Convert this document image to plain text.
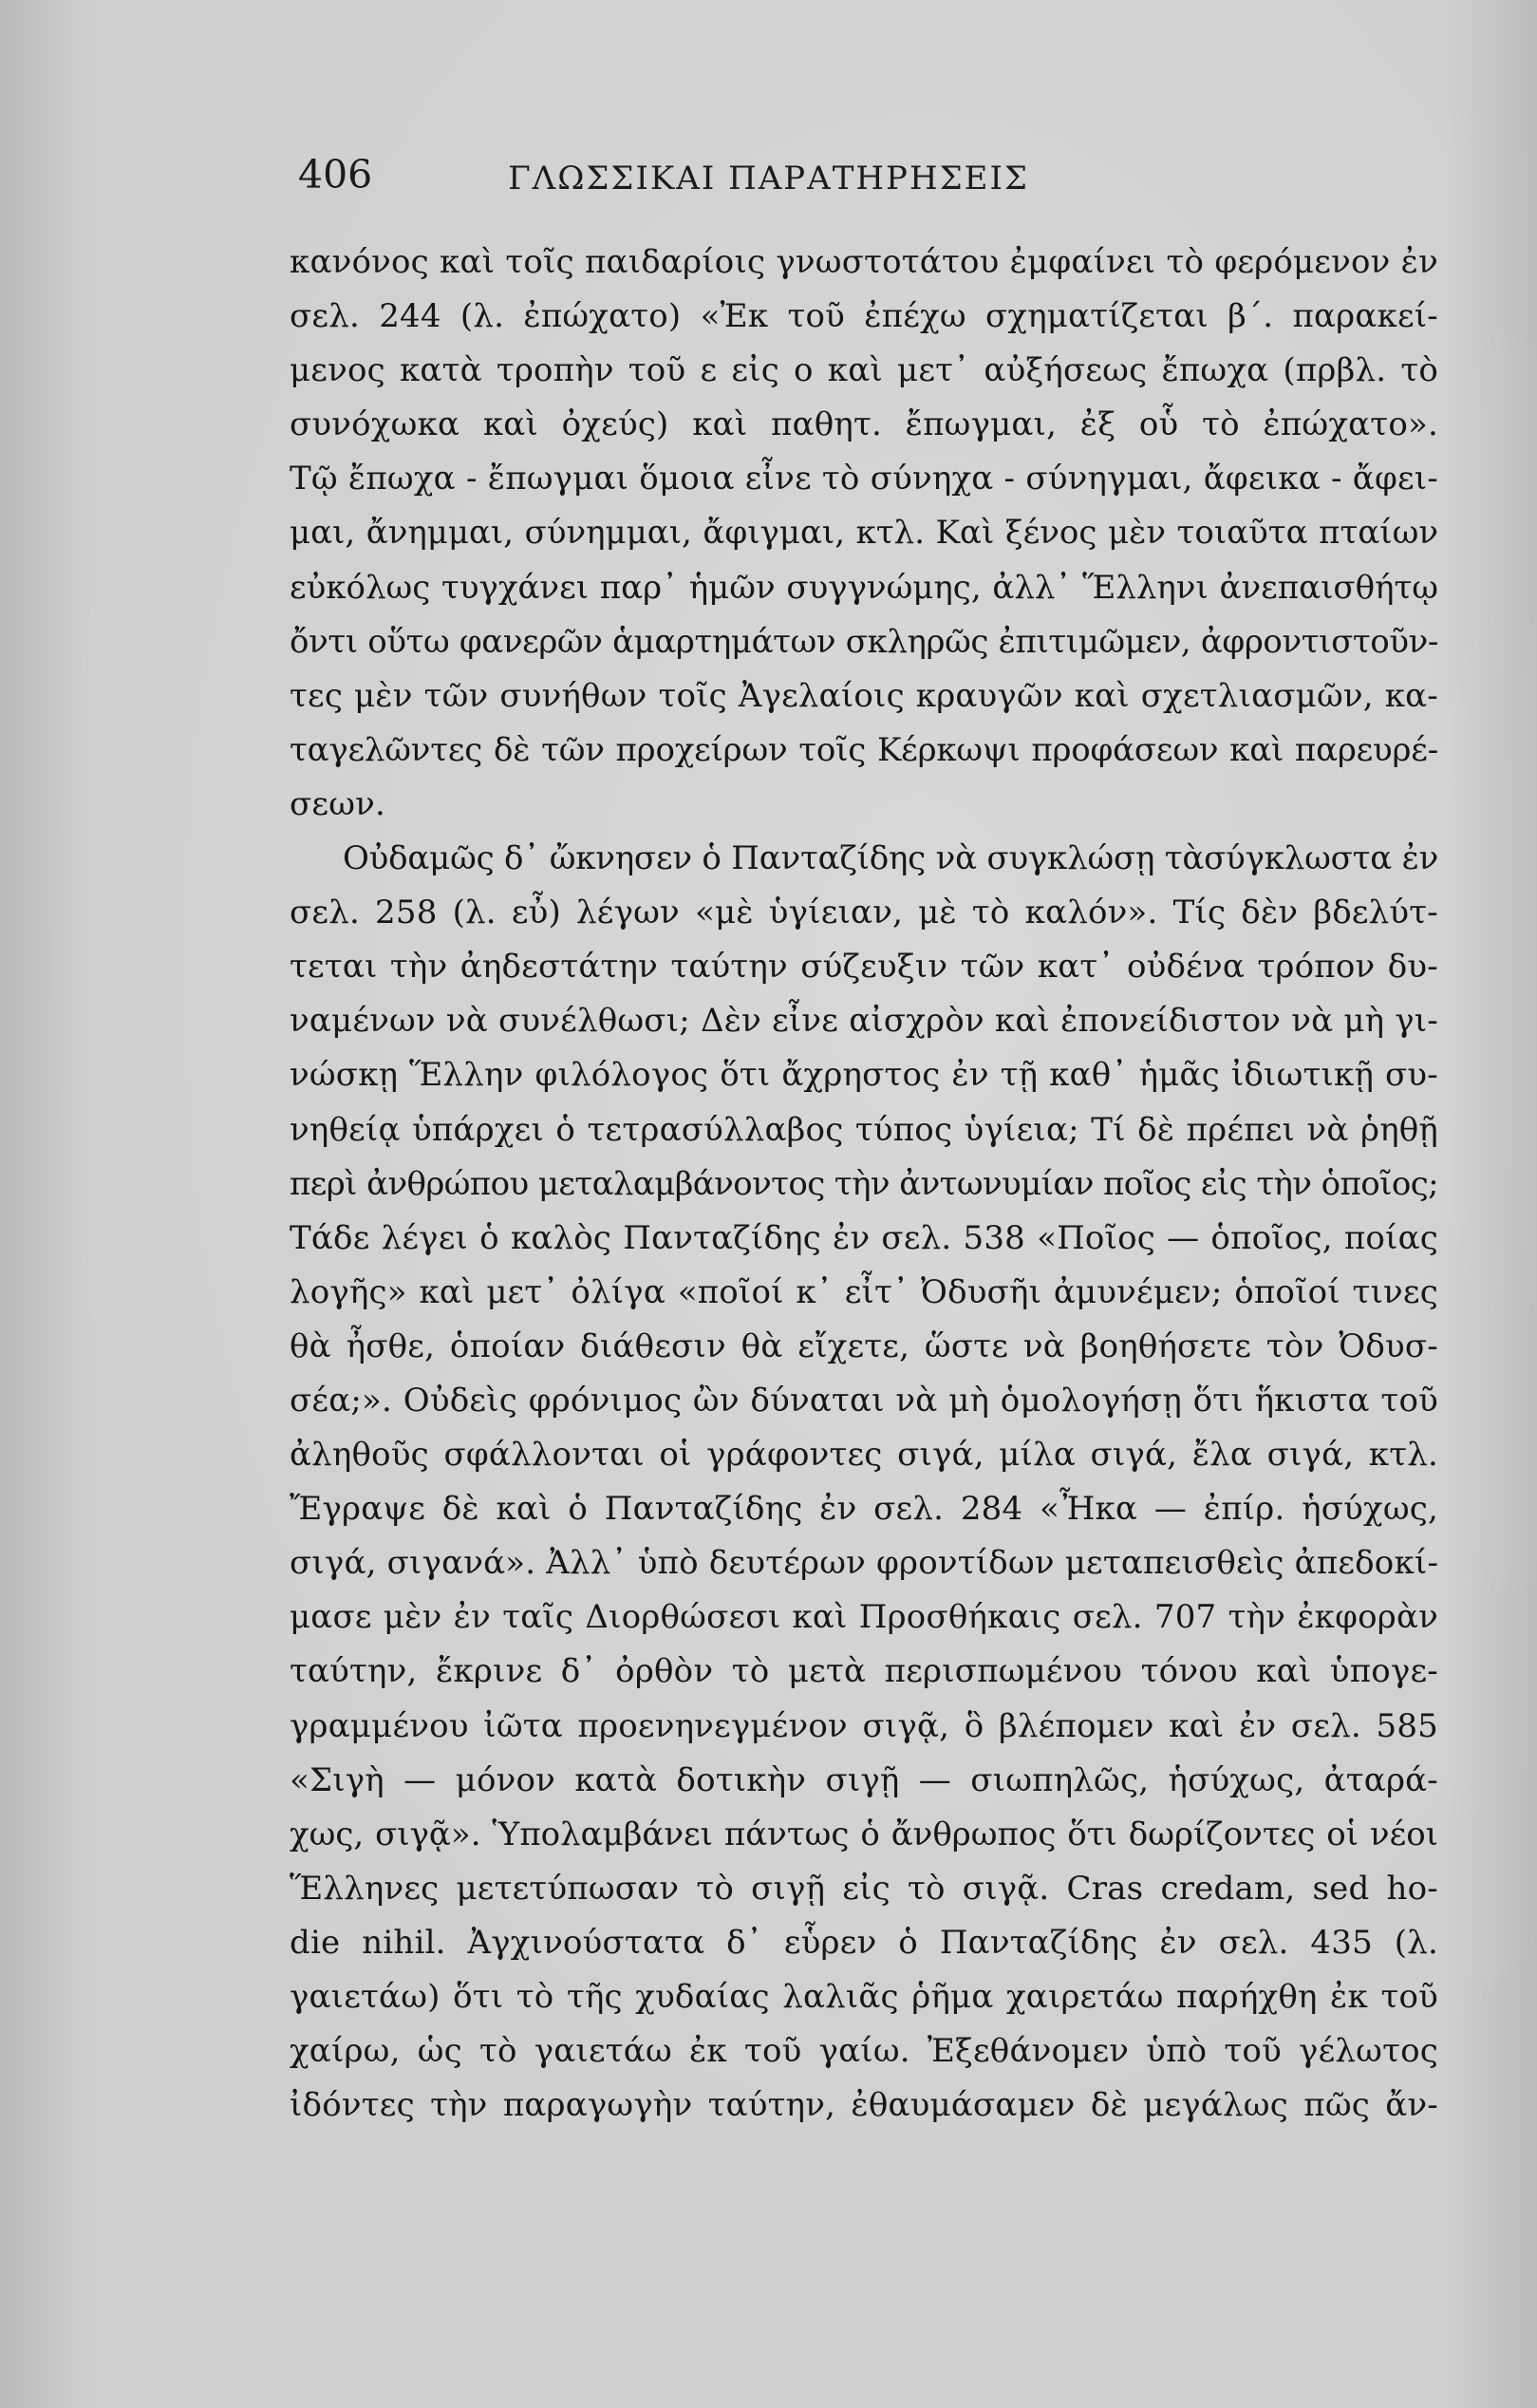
406	ΓΛΩΣΣΙΚΑΙ ΠΑΡΑΤΗΡΗΣΕΙΣ
κανόνος καὶ τοῖς παιδαρίοις γνωστοτάτου ἐμφαίνει τὸ φερόμενον ἐν
σελ. 244 (λ. ἐπώχατο) «Ἐκ τοῦ ἐπέχω σχηματίζεται β΄. παρακεί-
μενος κατὰ τροπὴν τοῦ ε εἰς ο καὶ μετ᾽ αὐξήσεως ἔπωχα (πρβλ. τὸ
συνόχωκα καὶ ὀχεύς) καὶ παθητ. ἔπωγμαι, ἐξ οὗ τὸ ἐπώχατο».
Τῷ ἔπωχα - ἔπωγμαι ὅμοια εἶνε τὸ σύνηχα - σύνηγμαι, ἄφεικα - ἄφει-
μαι, ἄνημμαι, σύνημμαι, ἄφιγμαι, κτλ. Καὶ ξένος μὲν τοιαῦτα πταίων
εὐκόλως τυγχάνει παρ᾽ ἡμῶν συγγνώμης, ἀλλ᾽ Ἕλληνι ἀνεπαισθήτῳ
ὄντι οὕτω φανερῶν ἁμαρτημάτων σκληρῶς ἐπιτιμῶμεν, ἀφροντιστοῦν-
τες μὲν τῶν συνήθων τοῖς Ἀγελαίοις κραυγῶν καὶ σχετλιασμῶν, κα-
ταγελῶντες δὲ τῶν προχείρων τοῖς Κέρκωψι προφάσεων καὶ παρευρέ-
σεων.
Οὐδαμῶς δ᾽ ὤκνησεν ὁ Πανταζίδης νὰ συγκλώσῃ τὰσύγκλωστα ἐν
σελ. 258 (λ. εὖ) λέγων «μὲ ὑγίειαν, μὲ τὸ καλόν». Τίς δὲν βδελύτ-
τεται τὴν ἀηδεστάτην ταύτην σύζευξιν τῶν κατ᾽ οὐδένα τρόπον δυ-
ναμένων νὰ συνέλθωσι; Δὲν εἶνε αἰσχρὸν καὶ ἐπονείδιστον νὰ μὴ γι-
νώσκῃ Ἕλλην φιλόλογος ὅτι ἄχρηστος ἐν τῇ καθ᾽ ἡμᾶς ἰδιωτικῇ συ-
νηθείᾳ ὑπάρχει ὁ τετρασύλλαβος τύπος ὑγίεια; Τί δὲ πρέπει νὰ ῥηθῇ
περὶ ἀνθρώπου μεταλαμβάνοντος τὴν ἀντωνυμίαν ποῖος εἰς τὴν ὁποῖος;
Τάδε λέγει ὁ καλὸς Πανταζίδης ἐν σελ. 538 «Ποῖος — ὁποῖος, ποίας
λογῆς» καὶ μετ᾽ ὀλίγα «ποῖοί κ᾽ εἶτ᾽ Ὀδυσῆι ἀμυνέμεν; ὁποῖοί τινες
θὰ ἦσθε, ὁποίαν διάθεσιν θὰ εἴχετε, ὥστε νὰ βοηθήσετε τὸν Ὀδυσ-
σέα;». Οὐδεὶς φρόνιμος ὢν δύναται νὰ μὴ ὁμολογήσῃ ὅτι ἥκιστα τοῦ
ἀληθοῦς σφάλλονται οἱ γράφοντες σιγά, μίλα σιγά, ἔλα σιγά, κτλ.
Ἔγραψε δὲ καὶ ὁ Πανταζίδης ἐν σελ. 284 «Ἦκα — ἐπίρ. ἡσύχως,
σιγά, σιγανά». Ἀλλ᾽ ὑπὸ δευτέρων φροντίδων μεταπεισθεὶς ἀπεδοκί-
μασε μὲν ἐν ταῖς Διορθώσεσι καὶ Προσθήκαις σελ. 707 τὴν ἐκφορὰν
ταύτην, ἔκρινε δ᾽ ὀρθὸν τὸ μετὰ περισπωμένου τόνου καὶ ὑπογε-
γραμμένου ἰῶτα προενηνεγμένον σιγᾷ, ὃ βλέπομεν καὶ ἐν σελ. 585
«Σιγὴ — μόνον κατὰ δοτικὴν σιγῇ — σιωπηλῶς, ἡσύχως, ἀταρά-
χως, σιγᾷ». Ὑπολαμβάνει πάντως ὁ ἄνθρωπος ὅτι δωρίζοντες οἱ νέοι
Ἕλληνες μετετύπωσαν τὸ σιγῇ εἰς τὸ σιγᾷ. Cras credam, sed ho-
die nihil. Ἀγχινούστατα δ᾽ εὗρεν ὁ Πανταζίδης ἐν σελ. 435 (λ.
γαιετάω) ὅτι τὸ τῆς χυδαίας λαλιᾶς ῥῆμα χαιρετάω παρήχθη ἐκ τοῦ
χαίρω, ὡς τὸ γαιετάω ἐκ τοῦ γαίω. Ἐξεθάνομεν ὑπὸ τοῦ γέλωτος
ἰδόντες τὴν παραγωγὴν ταύτην, ἐθαυμάσαμεν δὲ μεγάλως πῶς ἄν-
